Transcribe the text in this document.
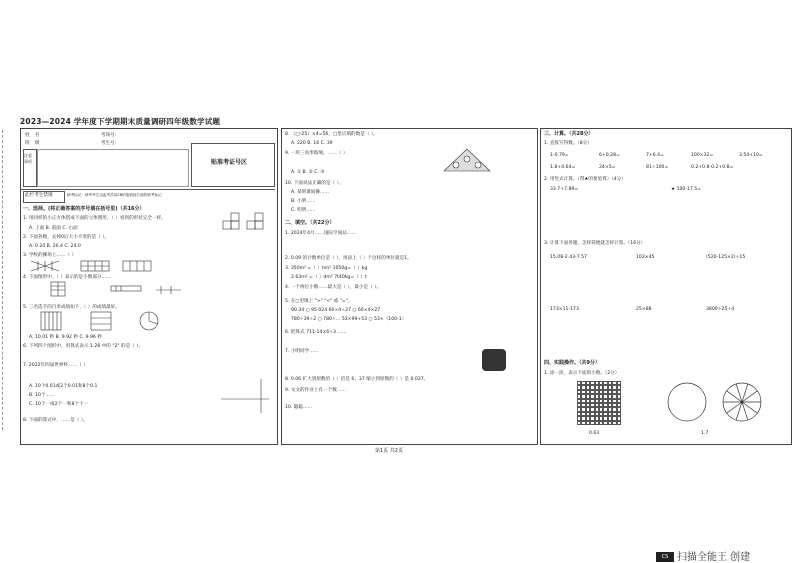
2023—2024 学年度下学期期末质量调研四年级数学试题
姓 名	考场号：
班 级	考生号：
注意事项	贴准考证号区
此栏考生禁填	缺考标记：缺考考生由监考员用2B铅笔填涂右面的缺考标记
一、选择。(将正确答案的序号填在括号里)（共16分）
1. 用同样的小正方体搭成下面的立体图形，（ ）看到的形状完全一样。
A. 上面 B. 前面 C. 右面
2. 下面各数，去掉0后大小不变的是（ ）。
A. 0.24 B. 20.4 C. 24.0
3. 学校的操场上……（ ）
4. 下面图形中，（ ）表示的是小数部分……
5. 三名选手的百米成绩如下，（ ）的成绩最好。
A. 10.01 秒 B. 9.92 秒 C. 9.96 秒
6. 下列四个图形中，用算式表示 1.26 中的 "2" 的是（ ）。
7. 2022年四届世界杯……（ ）
A. 10个0.01或2个0.01和8个0.1
B. 10个……
C. 10个一或2个一和8个十一
8. 下面的算式中，……是（ ）。
8. （□-25）×4=56，□里应填的数是（ ）。
A. 220 B. 16 C. 39
9. 一块三角形玻璃，……（ ）
A. ① B. ② C. ③
10. 下面说法正确的是（ ）。
A. 某班课间操……
B. 小明……
C. 明明……
二、填空。（共22分）
1. 2024年4月……国际空间站……
2. 0.09 的计数单位是（ ），再添上（ ）个这样的单位就是1。
3. 350m² =（ ）hm² 1050g=（ ）kg
2.63m² =（ ）dm² 7t40kg=（ ）t
4. 一个两位小数……最大是（ ），最小是（ ）。
5. 在○里填上 ">" "<" 或 "="。
90.34 ○ 95.024 60×4÷27 ○ 60×4×27
780÷39÷2 ○ 780÷… 53×99+53 ○ 53×（100-1）
6. 把算式 711-14×6÷3 ……
7. 小明同学……
8. 0.06 扩大到原数的（ ）倍是 6；37 缩小到原数的（ ）是 0.037。
9. 文文的作业上有一个数……
10. 聪聪……
三、计算。（共28分）
1. 直接写得数。（8分）
1-0.79=	6+0.28=	7+6.4=	100×32=	3.54+10=
1.8+4.64=	24×5=	81÷100=	0.2+0.8-0.2+0.8=
2. 用竖式计算。（带★的要验算）（4分）
33.7+7.89=	★ 100-17.5=
3. 计算下面各题，怎样简便就怎样计算。（16分）
15.08-2.43-7.57	102×45	(520-125×2)÷15
173×11-173	25×88	3800÷25÷4
四、实践操作。（共9分）
1. 涂一涂，表示下面的小数。（2分）
0.63	1.7
第1页 共2页
CS 扫描全能王 创建
